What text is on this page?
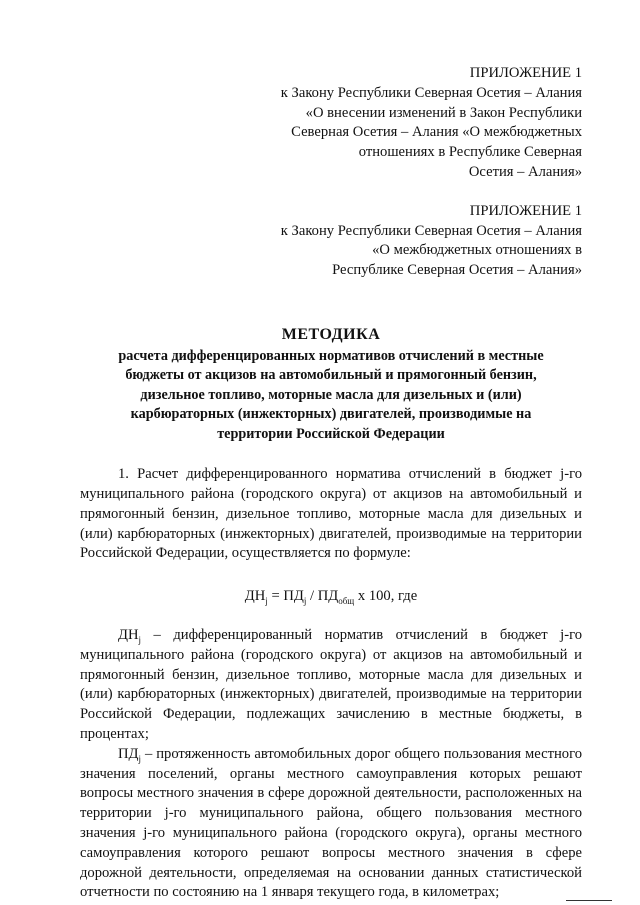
ПРИЛОЖЕНИЕ 1
к Закону Республики Северная Осетия – Алания
«О внесении изменений в Закон Республики
Северная Осетия – Алания «О межбюджетных
отношениях в Республике Северная
Осетия – Алания»
ПРИЛОЖЕНИЕ 1
к Закону Республики Северная Осетия – Алания
«О межбюджетных отношениях в
Республике Северная Осетия – Алания»
МЕТОДИКА
расчета дифференцированных нормативов отчислений в местные
бюджеты от акцизов на автомобильный и прямогонный бензин,
дизельное топливо, моторные масла для дизельных и (или)
карбюраторных (инжекторных) двигателей, производимые на
территории Российской Федерации

1. Расчет дифференцированного норматива отчислений в бюджет j-го муниципального района (городского округа) от акцизов на автомобильный и прямогонный бензин, дизельное топливо, моторные масла для дизельных и (или) карбюраторных (инжекторных) двигателей, производимые на территории Российской Федерации, осуществляется по формуле:

$ДН_j = ПД_j / ПД_{общ}$ х 100, где

$ДН_j$ – дифференцированный норматив отчислений в бюджет j-го муниципального района (городского округа) от акцизов на автомобильный и прямогонный бензин, дизельное топливо, моторные масла для дизельных и (или) карбюраторных (инжекторных) двигателей, производимые на территории Российской Федерации, подлежащих зачислению в местные бюджеты, в процентах;

$ПД_j$ – протяженность автомобильных дорог общего пользования местного значения поселений, органы местного самоуправления которых решают вопросы местного значения в сфере дорожной деятельности, расположенных на территории j-го муниципального района, общего пользования местного значения j-го муниципального района (городского округа), органы местного самоуправления которого решают вопросы местного значения в сфере дорожной деятельности, определяемая на основании данных статистической отчетности по состоянию на 1 января текущего года, в километрах;
